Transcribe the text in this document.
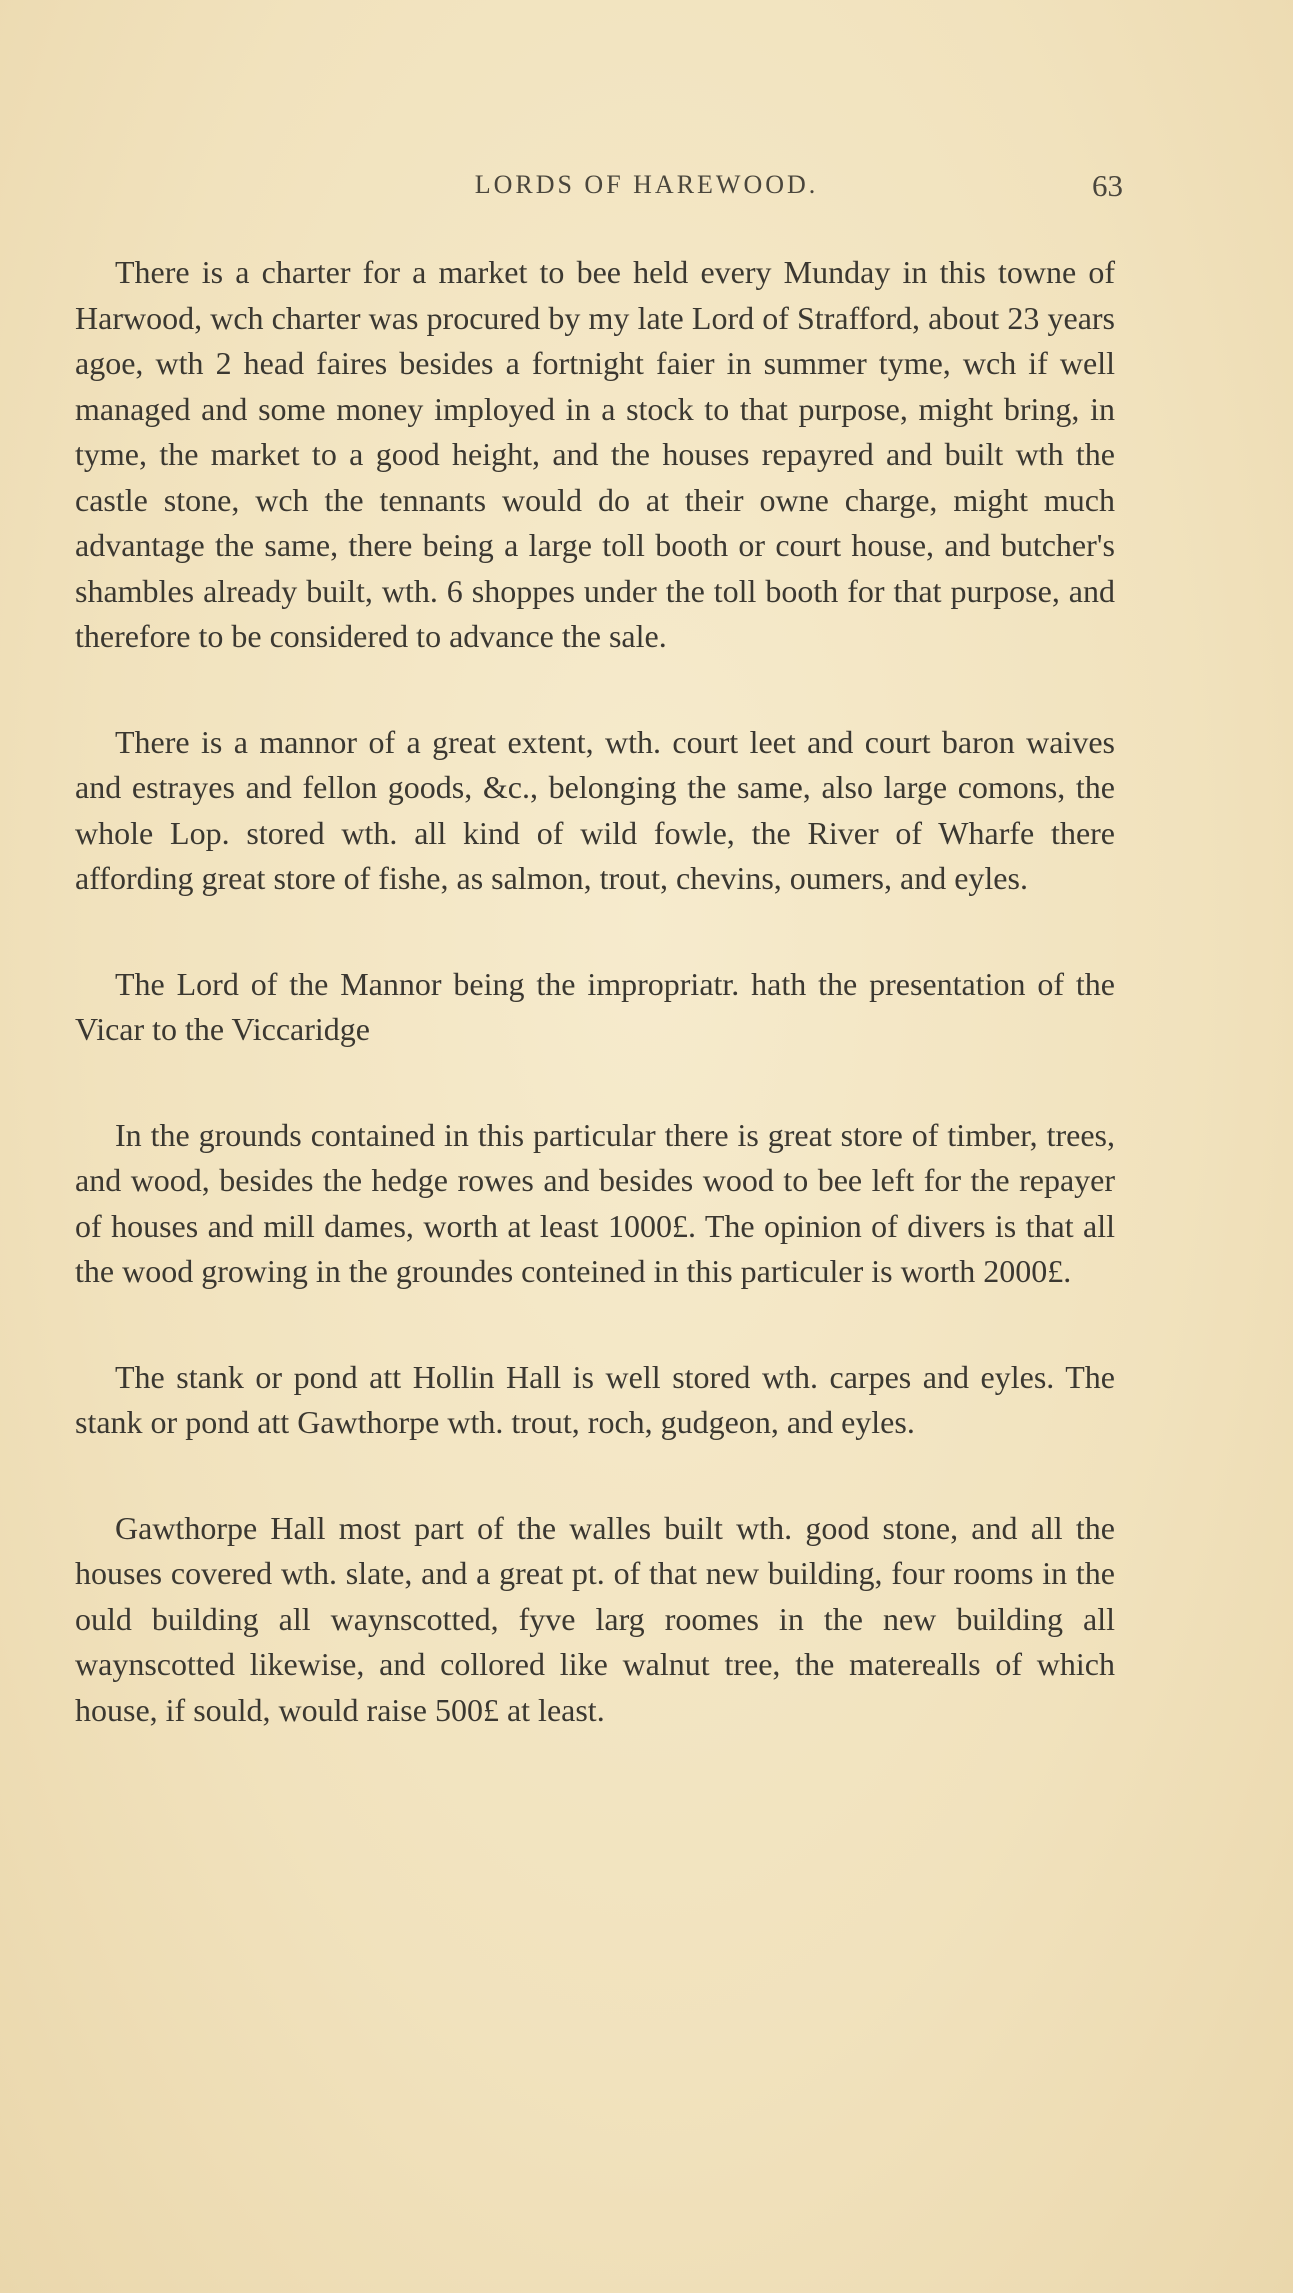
LORDS OF HAREWOOD.	63

There is a charter for a market to bee held every Munday in this towne of Harwood, wch charter was procured by my late Lord of Strafford, about 23 years agoe, wth 2 head faires besides a fortnight faier in summer tyme, wch if well managed and some money imployed in a stock to that purpose, might bring, in tyme, the market to a good height, and the houses repayred and built wth the castle stone, wch the tennants would do at their owne charge, might much advantage the same, there being a large toll booth or court house, and butcher's shambles already built, wth. 6 shoppes under the toll booth for that purpose, and therefore to be considered to advance the sale.

There is a mannor of a great extent, wth. court leet and court baron waives and estrayes and fellon goods, &c., belonging the same, also large comons, the whole Lop. stored wth. all kind of wild fowle, the River of Wharfe there affording great store of fishe, as salmon, trout, chevins, oumers, and eyles.

The Lord of the Mannor being the impropriatr. hath the presentation of the Vicar to the Viccaridge

In the grounds contained in this particular there is great store of timber, trees, and wood, besides the hedge rowes and besides wood to bee left for the repayer of houses and mill dames, worth at least 1000£. The opinion of divers is that all the wood growing in the groundes conteined in this particuler is worth 2000£.

The stank or pond att Hollin Hall is well stored wth. carpes and eyles. The stank or pond att Gawthorpe wth. trout, roch, gudgeon, and eyles.

Gawthorpe Hall most part of the walles built wth. good stone, and all the houses covered wth. slate, and a great pt. of that new building, four rooms in the ould building all waynscotted, fyve larg roomes in the new building all waynscotted likewise, and collored like walnut tree, the materealls of which house, if sould, would raise 500£ at least.
